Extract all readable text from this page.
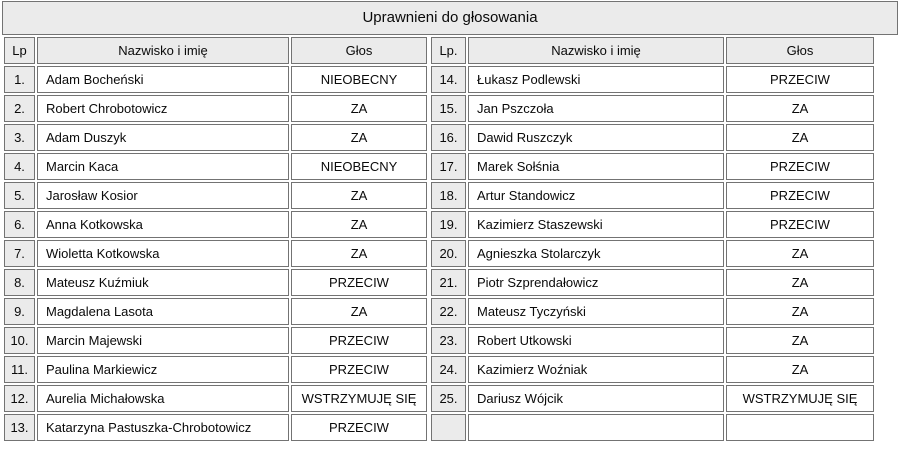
Uprawnieni do głosowania
Lp	Nazwisko i imię	Głos
1.	Adam Bocheński	NIEOBECNY
2.	Robert Chrobotowicz	ZA
3.	Adam Duszyk	ZA
4.	Marcin Kaca	NIEOBECNY
5.	Jarosław Kosior	ZA
6.	Anna Kotkowska	ZA
7.	Wioletta Kotkowska	ZA
8.	Mateusz Kuźmiuk	PRZECIW
9.	Magdalena Lasota	ZA
10.	Marcin Majewski	PRZECIW
11.	Paulina Markiewicz	PRZECIW
12.	Aurelia Michałowska	WSTRZYMUJĘ SIĘ
13.	Katarzyna Pastuszka-Chrobotowicz	PRZECIW
Lp.	Nazwisko i imię	Głos
14.	Łukasz Podlewski	PRZECIW
15.	Jan Pszczoła	ZA
16.	Dawid Ruszczyk	ZA
17.	Marek Sołśnia	PRZECIW
18.	Artur Standowicz	PRZECIW
19.	Kazimierz Staszewski	PRZECIW
20.	Agnieszka Stolarczyk	ZA
21.	Piotr Szprendałowicz	ZA
22.	Mateusz Tyczyński	ZA
23.	Robert Utkowski	ZA
24.	Kazimierz Woźniak	ZA
25.	Dariusz Wójcik	WSTRZYMUJĘ SIĘ
